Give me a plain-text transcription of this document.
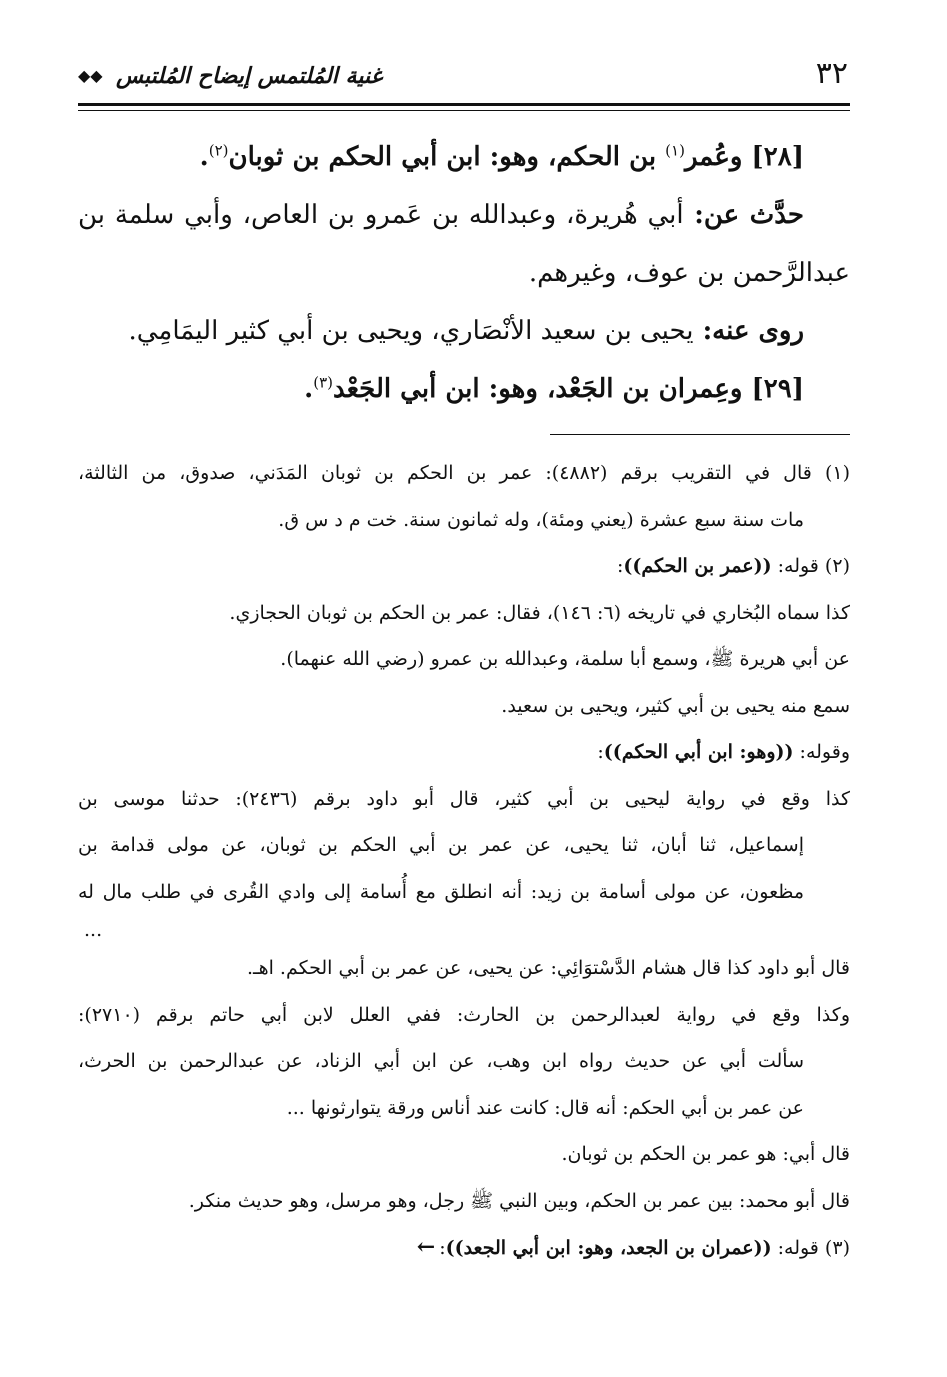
٣٢
غنية المُلتمس إيضاح المُلتبس
◆◆
[٢٨] وعُمر$^{(١)}$ بن الحكم، وهو: ابن أبي الحكم بن ثوبان$^{(٢)}$.
حدَّث عن: أبي هُريرة، وعبدالله بن عَمرو بن العاص، وأبي سلمة بن
عبدالرَّحمن بن عوف، وغيرهم.
روى عنه: يحيى بن سعيد الأنْصَاري، ويحيى بن أبي كثير اليمَامِي.
[٢٩] وعِمران بن الجَعْد، وهو: ابن أبي الجَعْد$^{(٣)}$.
(١) قال في التقريب برقم (٤٨٨٢): عمر بن الحكم بن ثوبان المَدَني، صدوق، من الثالثة،
مات سنة سبع عشرة (يعني ومئة)، وله ثمانون سنة. خت م د س ق.
(٢) قوله: ((عمر بن الحكم)):
كذا سماه البُخاري في تاريخه (٦: ١٤٦)، فقال: عمر بن الحكم بن ثوبان الحجازي.
عن أبي هريرة ﷺ، وسمع أبا سلمة، وعبدالله بن عمرو (رضي الله عنهما).
سمع منه يحيى بن أبي كثير، ويحيى بن سعيد.
وقوله: ((وهو: ابن أبي الحكم)):
كذا وقع في رواية ليحيى بن أبي كثير، قال أبو داود برقم (٢٤٣٦): حدثنا موسى بن
إسماعيل، ثنا أبان، ثنا يحيى، عن عمر بن أبي الحكم بن ثوبان، عن مولى قدامة بن
مظعون، عن مولى أسامة بن زيد: أنه انطلق مع أُسامة إلى وادي القُرى في طلب مال له
...
قال أبو داود كذا قال هشام الدَّسْتوَائِي: عن يحيى، عن عمر بن أبي الحكم. اهـ.
وكذا وقع في رواية لعبدالرحمن بن الحارث: ففي العلل لابن أبي حاتم برقم (٢٧١٠):
سألت أبي عن حديث رواه ابن وهب، عن ابن أبي الزناد، عن عبدالرحمن بن الحرث،
عن عمر بن أبي الحكم: أنه قال: كانت عند أناس ورقة يتوارثونها ...
قال أبي: هو عمر بن الحكم بن ثوبان.
قال أبو محمد: بين عمر بن الحكم، وبين النبي ﷺ رجل، وهو مرسل، وهو حديث منكر.
(٣) قوله: ((عمران بن الجعد، وهو: ابن أبي الجعد)):←
